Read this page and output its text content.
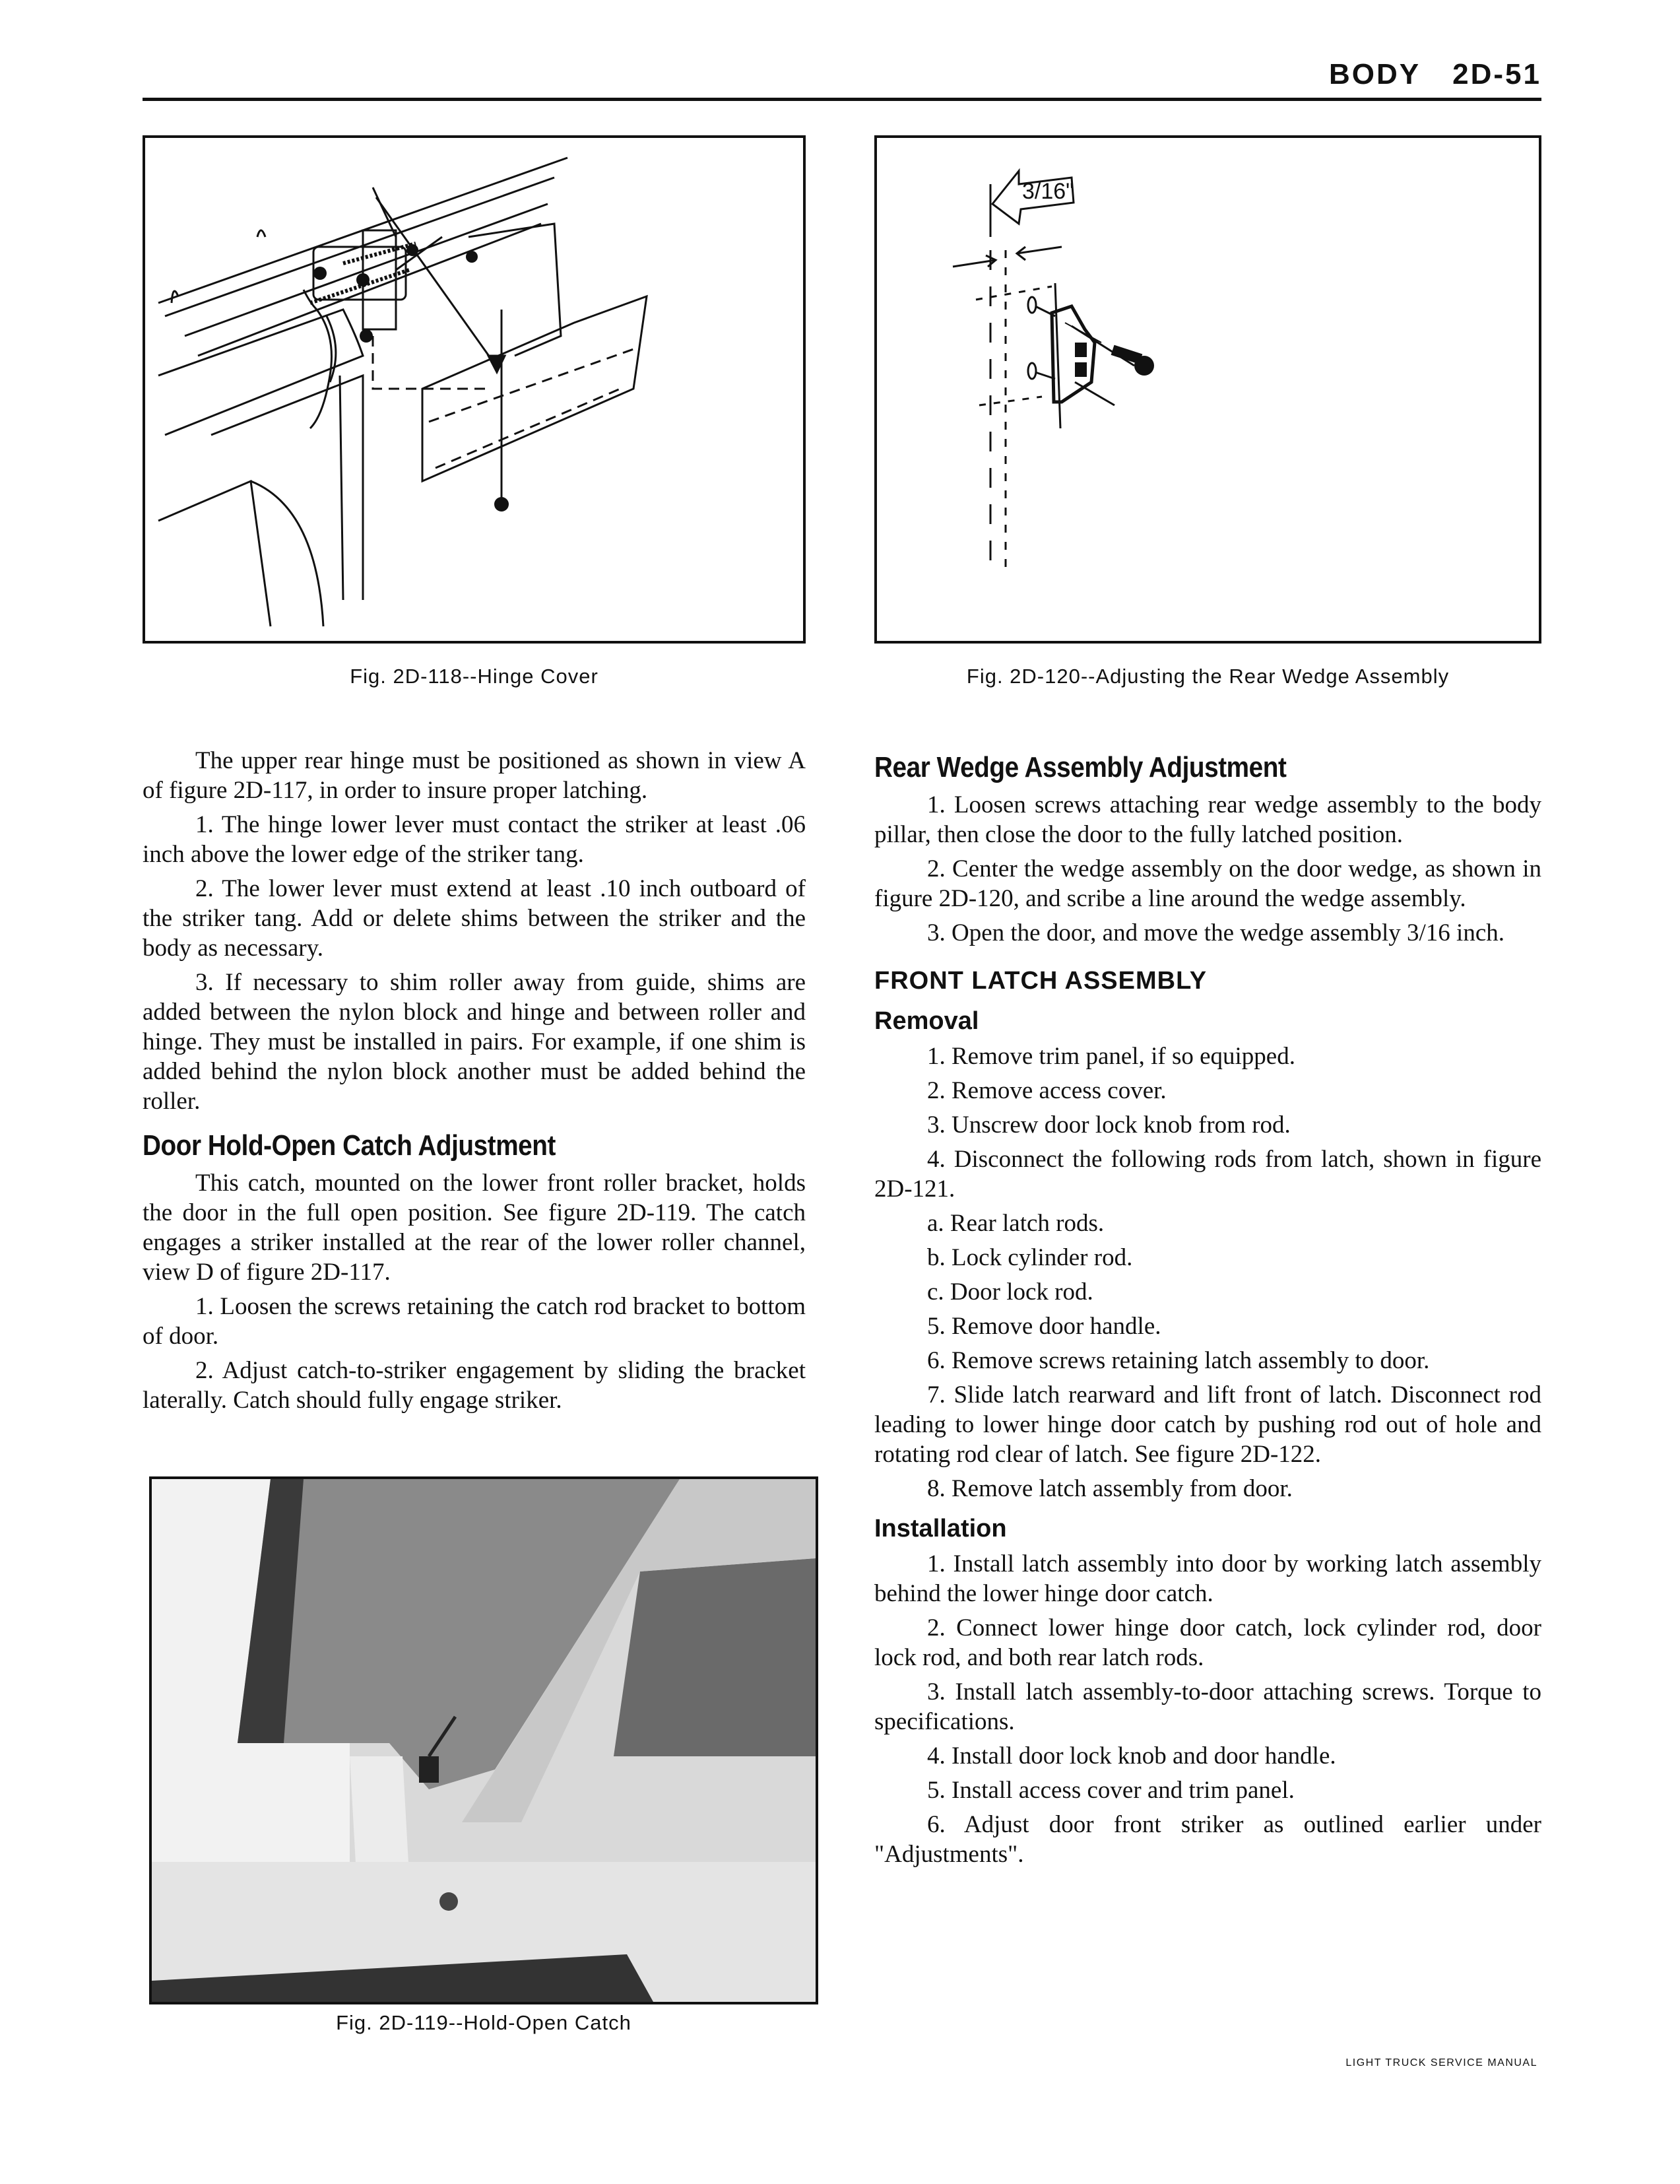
BODY 2D-51
Fig. 2D-118--Hinge Cover
3/16"
Fig. 2D-120--Adjusting the Rear Wedge Assembly

The upper rear hinge must be positioned as shown in view A of figure 2D-117, in order to insure proper latching.

1. The hinge lower lever must contact the striker at least .06 inch above the lower edge of the striker tang.

2. The lower lever must extend at least .10 inch outboard of the striker tang. Add or delete shims between the striker and the body as necessary.

3. If necessary to shim roller away from guide, shims are added between the nylon block and hinge and between roller and hinge. They must be installed in pairs. For example, if one shim is added behind the nylon block another must be added behind the roller.

Door Hold-Open Catch Adjustment

This catch, mounted on the lower front roller bracket, holds the door in the full open position. See figure 2D-119. The catch engages a striker installed at the rear of the lower roller channel, view D of figure 2D-117.

1. Loosen the screws retaining the catch rod bracket to bottom of door.

2. Adjust catch-to-striker engagement by sliding the bracket laterally. Catch should fully engage striker.

Fig. 2D-119--Hold-Open Catch
Rear Wedge Assembly Adjustment

1. Loosen screws attaching rear wedge assembly to the body pillar, then close the door to the fully latched position.

2. Center the wedge assembly on the door wedge, as shown in figure 2D-120, and scribe a line around the wedge assembly.

3. Open the door, and move the wedge assembly 3/16 inch.

FRONT LATCH ASSEMBLY
Removal

1. Remove trim panel, if so equipped.

2. Remove access cover.

3. Unscrew door lock knob from rod.

4. Disconnect the following rods from latch, shown in figure 2D-121.

a. Rear latch rods.

b. Lock cylinder rod.

c. Door lock rod.

5. Remove door handle.

6. Remove screws retaining latch assembly to door.

7. Slide latch rearward and lift front of latch. Disconnect rod leading to lower hinge door catch by pushing rod out of hole and rotating rod clear of latch. See figure 2D-122.

8. Remove latch assembly from door.

Installation

1. Install latch assembly into door by working latch assembly behind the lower hinge door catch.

2. Connect lower hinge door catch, lock cylinder rod, door lock rod, and both rear latch rods.

3. Install latch assembly-to-door attaching screws. Torque to specifications.

4. Install door lock knob and door handle.

5. Install access cover and trim panel.

6. Adjust door front striker as outlined earlier under "Adjustments".

LIGHT TRUCK SERVICE MANUAL
